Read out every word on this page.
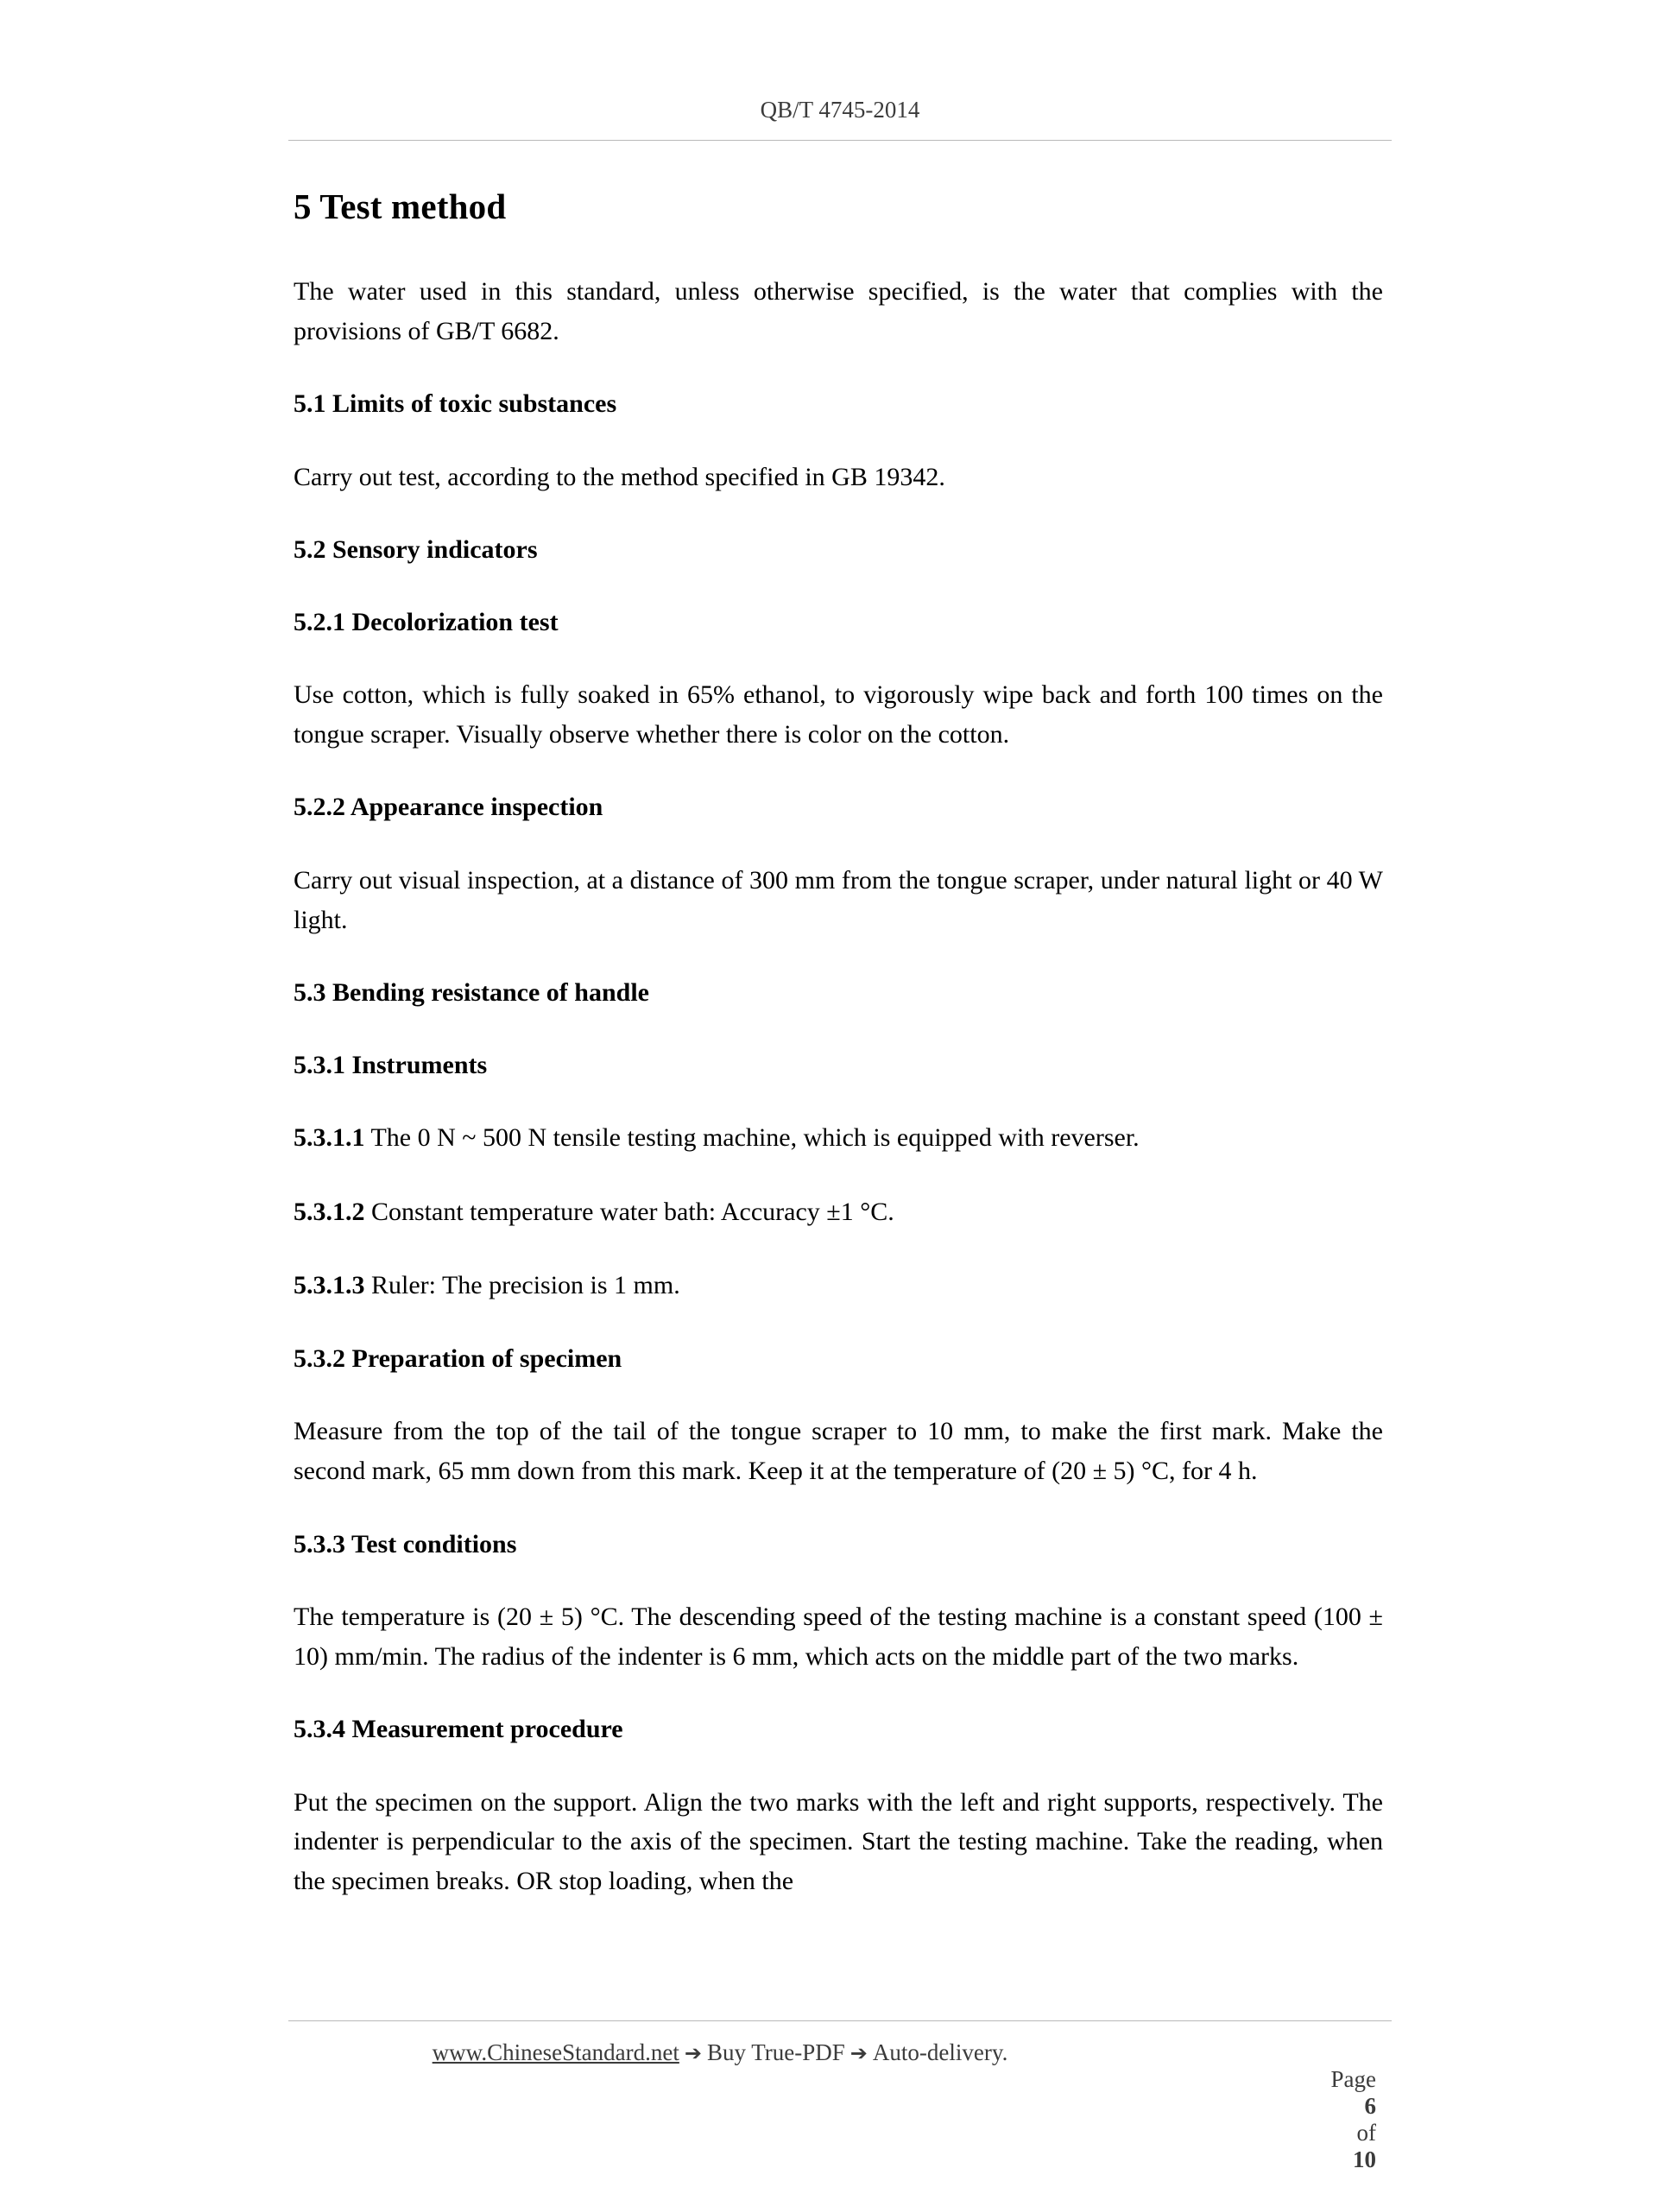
QB/T 4745-2014
5 Test method

The water used in this standard, unless otherwise specified, is the water that complies with the provisions of GB/T 6682.

5.1 Limits of toxic substances

Carry out test, according to the method specified in GB 19342.

5.2 Sensory indicators
5.2.1 Decolorization test

Use cotton, which is fully soaked in 65% ethanol, to vigorously wipe back and forth 100 times on the tongue scraper. Visually observe whether there is color on the cotton.

5.2.2 Appearance inspection

Carry out visual inspection, at a distance of 300 mm from the tongue scraper, under natural light or 40 W light.

5.3 Bending resistance of handle
5.3.1 Instruments

5.3.1.1 The 0 N ~ 500 N tensile testing machine, which is equipped with reverser.

5.3.1.2 Constant temperature water bath: Accuracy ±1 °C.

5.3.1.3 Ruler: The precision is 1 mm.

5.3.2 Preparation of specimen

Measure from the top of the tail of the tongue scraper to 10 mm, to make the first mark. Make the second mark, 65 mm down from this mark. Keep it at the temperature of (20 ± 5) °C, for 4 h.

5.3.3 Test conditions

The temperature is (20 ± 5) °C. The descending speed of the testing machine is a constant speed (100 ± 10) mm/min. The radius of the indenter is 6 mm, which acts on the middle part of the two marks.

5.3.4 Measurement procedure

Put the specimen on the support. Align the two marks with the left and right supports, respectively. The indenter is perpendicular to the axis of the specimen. Start the testing machine. Take the reading, when the specimen breaks. OR stop loading, when the

www.ChineseStandard.net ➔ Buy True-PDF ➔ Auto-delivery.

Page
6
of
10
